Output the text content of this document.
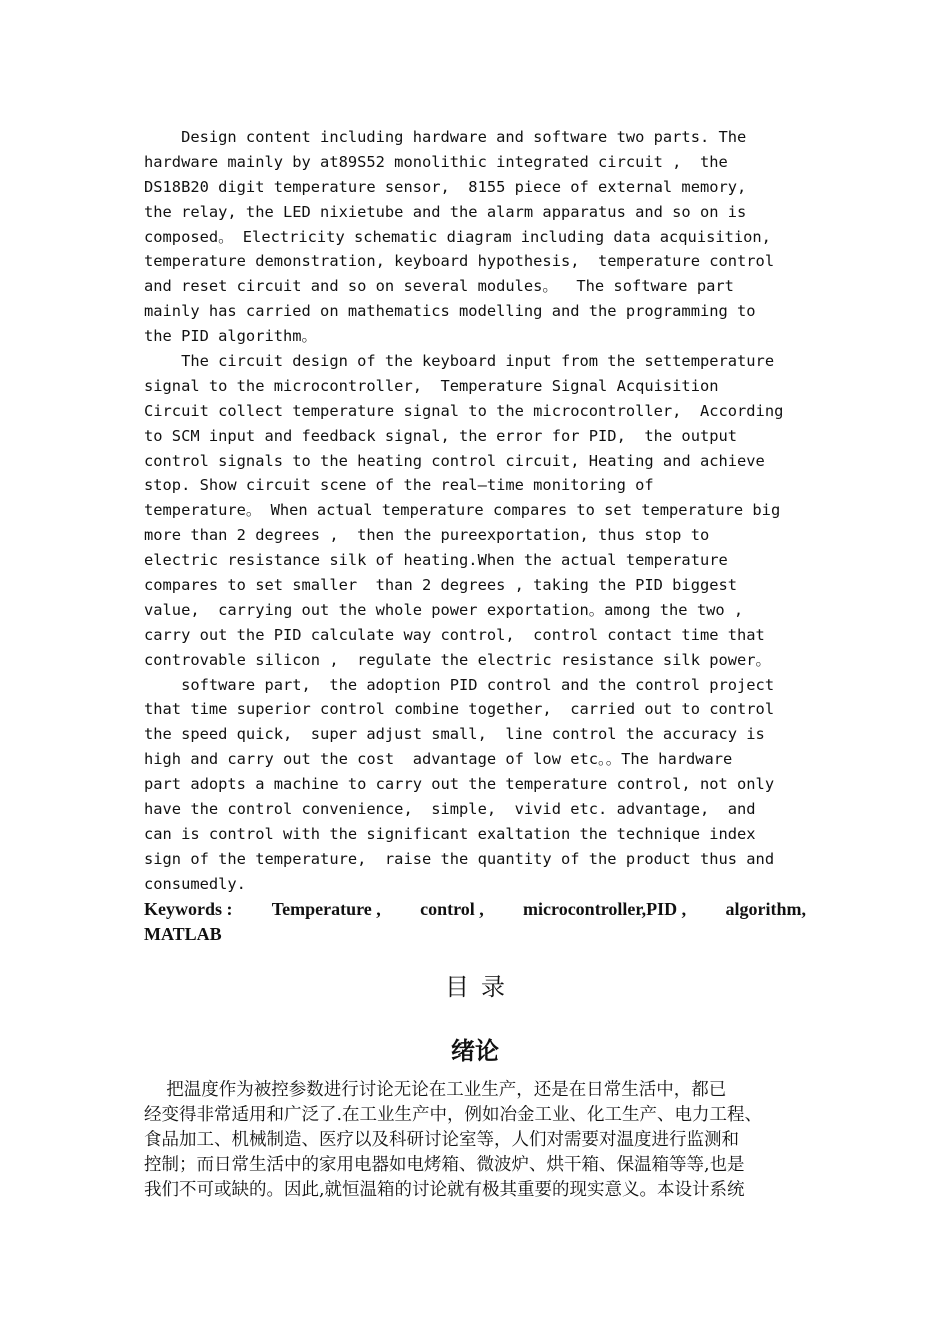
Design content including hardware and software two parts. The
hardware mainly by at89S52 monolithic integrated circuit ,  the
DS18B20 digit temperature sensor,  8155 piece of external memory,
the relay, the LED nixietube and the alarm apparatus and so on is
composed。 Electricity schematic diagram including data acquisition,
temperature demonstration, keyboard hypothesis,  temperature control
and reset circuit and so on several modules。  The software part
mainly has carried on mathematics modelling and the programming to
the PID algorithm。
The circuit design of the keyboard input from the settemperature
signal to the microcontroller,  Temperature Signal Acquisition
Circuit collect temperature signal to the microcontroller,  According
to SCM input and feedback signal, the error for PID,  the output
control signals to the heating control circuit, Heating and achieve
stop. Show circuit scene of the real—time monitoring of
temperature。 When actual temperature compares to set temperature big
more than 2 degrees ,  then the pureexportation, thus stop to
electric resistance silk of heating.When the actual temperature
compares to set smaller  than 2 degrees , taking the PID biggest
value,  carrying out the whole power exportation。among the two ,
carry out the PID calculate way control,  control contact time that
controvable silicon ,  regulate the electric resistance silk power。
software part,  the adoption PID control and the control project
that time superior control combine together,  carried out to control
the speed quick,  super adjust small,  line control the accuracy is
high and carry out the cost  advantage of low etc。。The hardware
part adopts a machine to carry out the temperature control, not only
have the control convenience,  simple,  vivid etc. advantage,  and
can is control with the significant exaltation the technique index
sign of the temperature,  raise the quantity of the product thus and
consumedly.
Keywords : Temperature , control , microcontroller,PID , algorithm,
MATLAB
目录
绪论
把温度作为被控参数进行讨论无论在工业生产，还是在日常生活中，都已
经变得非常适用和广泛了.在工业生产中，例如冶金工业、化工生产、电力工程、
食品加工、机械制造、医疗以及科研讨论室等，人们对需要对温度进行监测和
控制；而日常生活中的家用电器如电烤箱、微波炉、烘干箱、保温箱等等,也是
我们不可或缺的。因此,就恒温箱的讨论就有极其重要的现实意义。本设计系统
